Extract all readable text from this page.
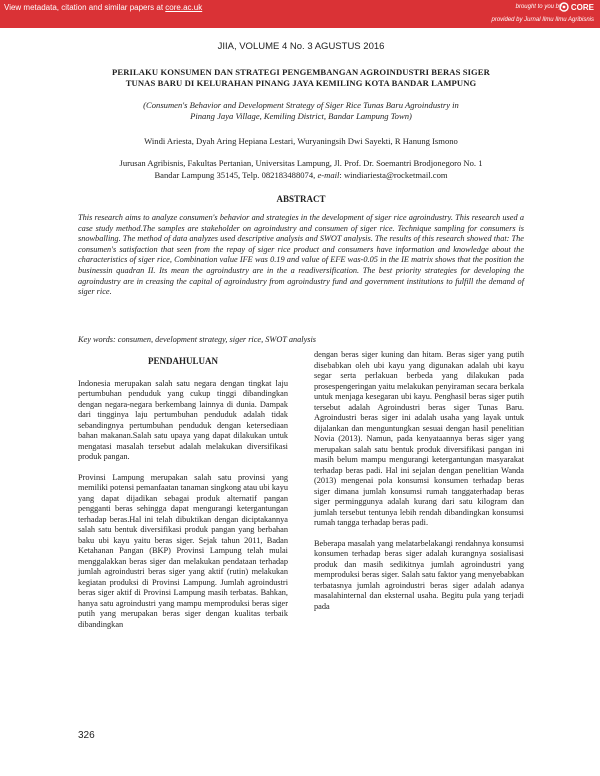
View metadata, citation and similar papers at core.ac.uk	brought to you by CORE
provided by Jurnal Ilmu Ilmu Agribisnis
JIIA, VOLUME 4 No. 3 AGUSTUS 2016
PERILAKU KONSUMEN DAN STRATEGI PENGEMBANGAN AGROINDUSTRI BERAS SIGER
TUNAS BARU DI KELURAHAN PINANG JAYA KEMILING KOTA BANDAR LAMPUNG
(Consumen's Behavior and Development Strategy of Siger Rice Tunas Baru Agroindustry in
Pinang Jaya Village, Kemiling District, Bandar Lampung Town)
Windi Ariesta, Dyah Aring Hepiana Lestari, Wuryaningsih Dwi Sayekti, R Hanung Ismono
Jurusan Agribisnis, Fakultas Pertanian, Universitas Lampung, Jl. Prof. Dr. Soemantri Brodjonegoro No. 1
Bandar Lampung 35145, Telp. 082183488074, e-mail: windiariesta@rocketmail.com
ABSTRACT
This research aims to analyze consumen's behavior and strategies in the development of siger rice agroindustry. This research used a case study method.The samples are stakeholder on agroindustry and consumen of siger rice. Technique sampling for consumers is snowballing. The method of data analyzes used descriptive analysis and SWOT analysis. The results of this research showed that: The consumen's satisfaction that seen from the repay of siger rice product and consumers have information and knowledge about the characteristics of siger rice, Combination value IFE was 0.19 and value of EFE was-0.05 in the IE matrix shows that the position the businessin quadran II. Its mean the agroindustry are in the a readiversification. The best priority strategies for developing the agroindustry are in creasing the capital of agroindustry from agroindustry fund and government institutions to fulfill the demand of siger rice.
Key words: consumen, development strategy, siger rice, SWOT analysis
PENDAHULUAN

Indonesia merupakan salah satu negara dengan tingkat laju pertumbuhan penduduk yang cukup tinggi dibandingkan dengan negara-negara berkembang lainnya di dunia. Dampak dari tingginya laju pertumbuhan penduduk adalah tidak sebandingnya pertumbuhan penduduk dengan ketersediaan bahan makanan.Salah satu upaya yang dapat dilakukan untuk mengatasi masalah tersebut adalah melakukan diversifikasi produk pangan.

Provinsi Lampung merupakan salah satu provinsi yang memiliki potensi pemanfaatan tanaman singkong atau ubi kayu yang dapat dijadikan sebagai produk alternatif pangan pengganti beras sehingga dapat mengurangi ketergantungan terhadap beras.Hal ini telah dibuktikan dengan diciptakannya salah satu bentuk diversifikasi produk pangan yang berbahan baku ubi kayu yaitu beras siger. Sejak tahun 2011, Badan Ketahanan Pangan (BKP) Provinsi Lampung telah mulai menggalakkan beras siger dan melakukan pendataan terhadap jumlah agroindustri beras siger yang aktif (rutin) melakukan kegiatan produksi di Provinsi Lampung. Jumlah agroindustri beras siger aktif di Provinsi Lampung masih terbatas. Bahkan, hanya satu agroindustri yang mampu memproduksi beras siger putih yang merupakan beras siger dengan kualitas terbaik dibandingkan

dengan beras siger kuning dan hitam. Beras siger yang putih disebabkan oleh ubi kayu yang digunakan adalah ubi kayu segar serta perlakuan berbeda yang dilakukan pada prosespengeringan yaitu melakukan penyiraman secara berkala untuk menjaga kesegaran ubi kayu. Penghasil beras siger putih tersebut adalah Agroindustri beras siger Tunas Baru. Agroindustri beras siger ini adalah usaha yang layak untuk dijalankan dan menguntungkan sesuai dengan hasil penelitian Novia (2013). Namun, pada kenyataannya beras siger yang merupakan salah satu bentuk produk diversifikasi pangan ini masih belum mampu mengurangi ketergantungan masyarakat terhadap beras padi. Hal ini sejalan dengan penelitian Wanda (2013) mengenai pola konsumsi konsumen terhadap beras siger dimana jumlah konsumsi rumah tanggaterhadap beras siger perminggunya adalah kurang dari satu kilogram dan jumlah tersebut tentunya lebih rendah dibandingkan konsumsi rumah tangga terhadap beras padi.

Beberapa masalah yang melatarbelakangi rendahnya konsumsi konsumen terhadap beras siger adalah kurangnya sosialisasi produk dan masih sedikitnya jumlah agroindustri yang memproduksi beras siger. Salah satu faktor yang menyebabkan terbatasnya jumlah agroindustri beras siger adalah adanya masalahinternal dan eksternal usaha. Begitu pula yang terjadi pada

326
